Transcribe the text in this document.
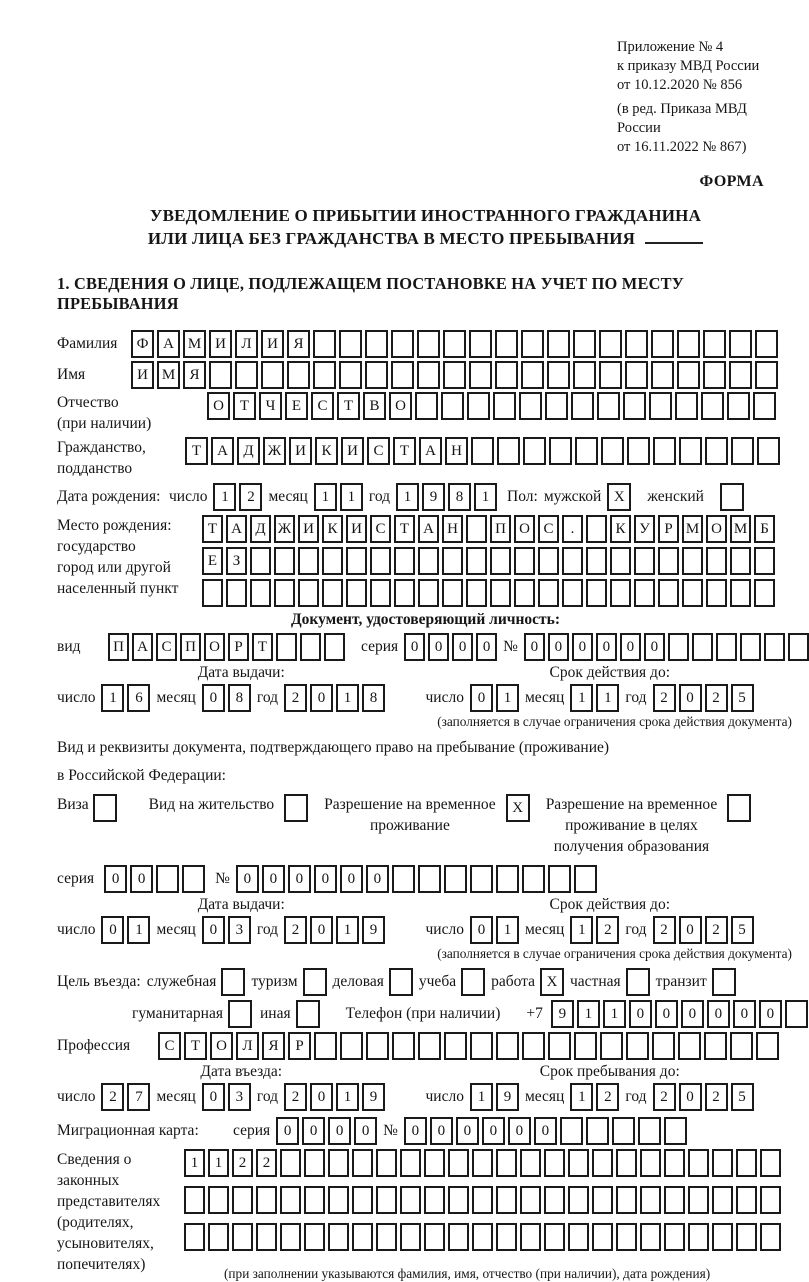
Приложение № 4
к приказу МВД России
от 10.12.2020 № 856
(в ред. Приказа МВД России
от 16.11.2022 № 867)
ФОРМА
УВЕДОМЛЕНИЕ О ПРИБЫТИИ ИНОСТРАННОГО ГРАЖДАНИНА
ИЛИ ЛИЦА БЕЗ ГРАЖДАНСТВА В МЕСТО ПРЕБЫВАНИЯ
1. СВЕДЕНИЯ О ЛИЦЕ, ПОДЛЕЖАЩЕМ ПОСТАНОВКЕ НА УЧЕТ ПО МЕСТУ ПРЕБЫВАНИЯ
Фамилия	Ф А М И	Л	И	Я
Имя	И М Я
Отчество
(при наличии)
О	Т	Ч	Е	С	Т	В	О
Гражданство,
подданство
Т	А	Д Ж И	К	И	С	Т	А	Н
Дата рождения: число 1	2 месяц 1	1 год 1	9	8	1	Пол: мужской X	женский
Место рождения:
государство
город или другой
населенный пункт
Т А Д Ж И К И С Т А Н	П О С	.	К У Р М О М Б
Е	З
Документ, удостоверяющий личность:
вид	П А С П О Р	Т	серия 0	0	0	0 № 0	0	0	0	0	0
Дата выдачи:
число 1	6 месяц 0	8 год 2	0	1	8
Срок действия до:
число 0	1 месяц 1	1 год 2	0	2	5
(заполняется в случае ограничения срока действия документа)
Вид и реквизиты документа, подтверждающего право на пребывание (проживание)
в Российской Федерации:
Виза	Вид на жительство	Разрешение на временное
проживание
X	Разрешение на временное
проживание в целях
получения образования
серия	0	0	№ 0	0	0	0	0	0
Дата выдачи:
число 0	1 месяц 0	3 год 2	0	1	9
Срок действия до:
число 0	1 месяц 1	2 год 2	0	2	5
(заполняется в случае ограничения срока действия документа)
Цель въезда: служебная туризм деловая учеба работа X частная транзит
гуманитарная иная	Телефон (при наличии) +7	9	1	1	0	0	0	0	0	0
Профессия	С	Т	О	Л	Я	Р
Дата въезда:
число 2	7 месяц 0	3 год 2	0	1	9
Срок пребывания до:
число 1	9 месяц 1	2 год 2	0	2	5
Миграционная карта:	серия 0	0	0	0 № 0	0	0	0	0	0
Сведения о
законных
представителях
(родителях,
усыновителях,
попечителях)
1	1	2	2
(при заполнении указываются фамилия, имя, отчество (при наличии), дата рождения)
